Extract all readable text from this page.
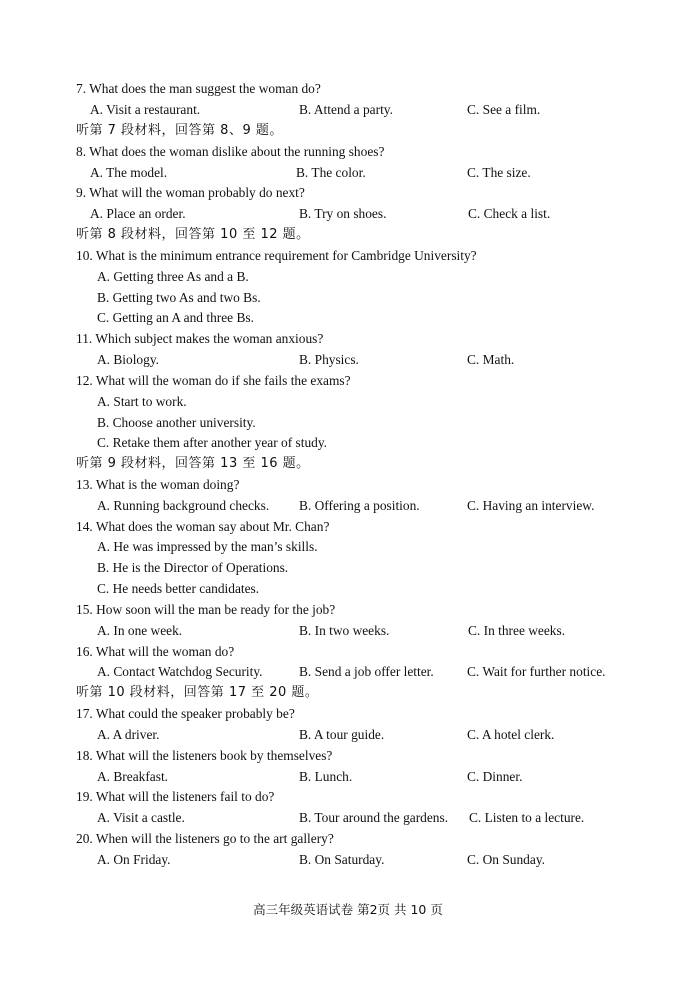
7. What does the man suggest the woman do?
A. Visit a restaurant.	B. Attend a party.	C. See a film.
听第 7 段材料，回答第 8、9 题。
8. What does the woman dislike about the running shoes?
A. The model.	B. The color.	C. The size.
9. What will the woman probably do next?
A. Place an order.	B. Try on shoes.	C. Check a list.
听第 8 段材料，回答第 10 至 12 题。
10. What is the minimum entrance requirement for Cambridge University?
A. Getting three As and a B.
B. Getting two As and two Bs.
C. Getting an A and three Bs.
11. Which subject makes the woman anxious?
A. Biology.	B. Physics.	C. Math.
12. What will the woman do if she fails the exams?
A. Start to work.
B. Choose another university.
C. Retake them after another year of study.
听第 9 段材料，回答第 13 至 16 题。
13. What is the woman doing?
A. Running background checks. B. Offering a position.	C. Having an interview.
14. What does the woman say about Mr. Chan?
A. He was impressed by the man’s skills.
B. He is the Director of Operations.
C. He needs better candidates.
15. How soon will the man be ready for the job?
A. In one week.	B. In two weeks.	C. In three weeks.
16. What will the woman do?
A. Contact Watchdog Security.	B. Send a job offer letter. C. Wait for further notice.
听第 10 段材料，回答第 17 至 20 题。
17. What could the speaker probably be?
A. A driver.	B. A tour guide.	C. A hotel clerk.
18. What will the listeners book by themselves?
A. Breakfast.	B. Lunch.	C. Dinner.
19. What will the listeners fail to do?
A. Visit a castle.	B. Tour around the gardens. C. Listen to a lecture.
20. When will the listeners go to the art gallery?
A. On Friday.	B. On Saturday.	C. On Sunday.
高三年级英语试卷 第2页 共 10 页
